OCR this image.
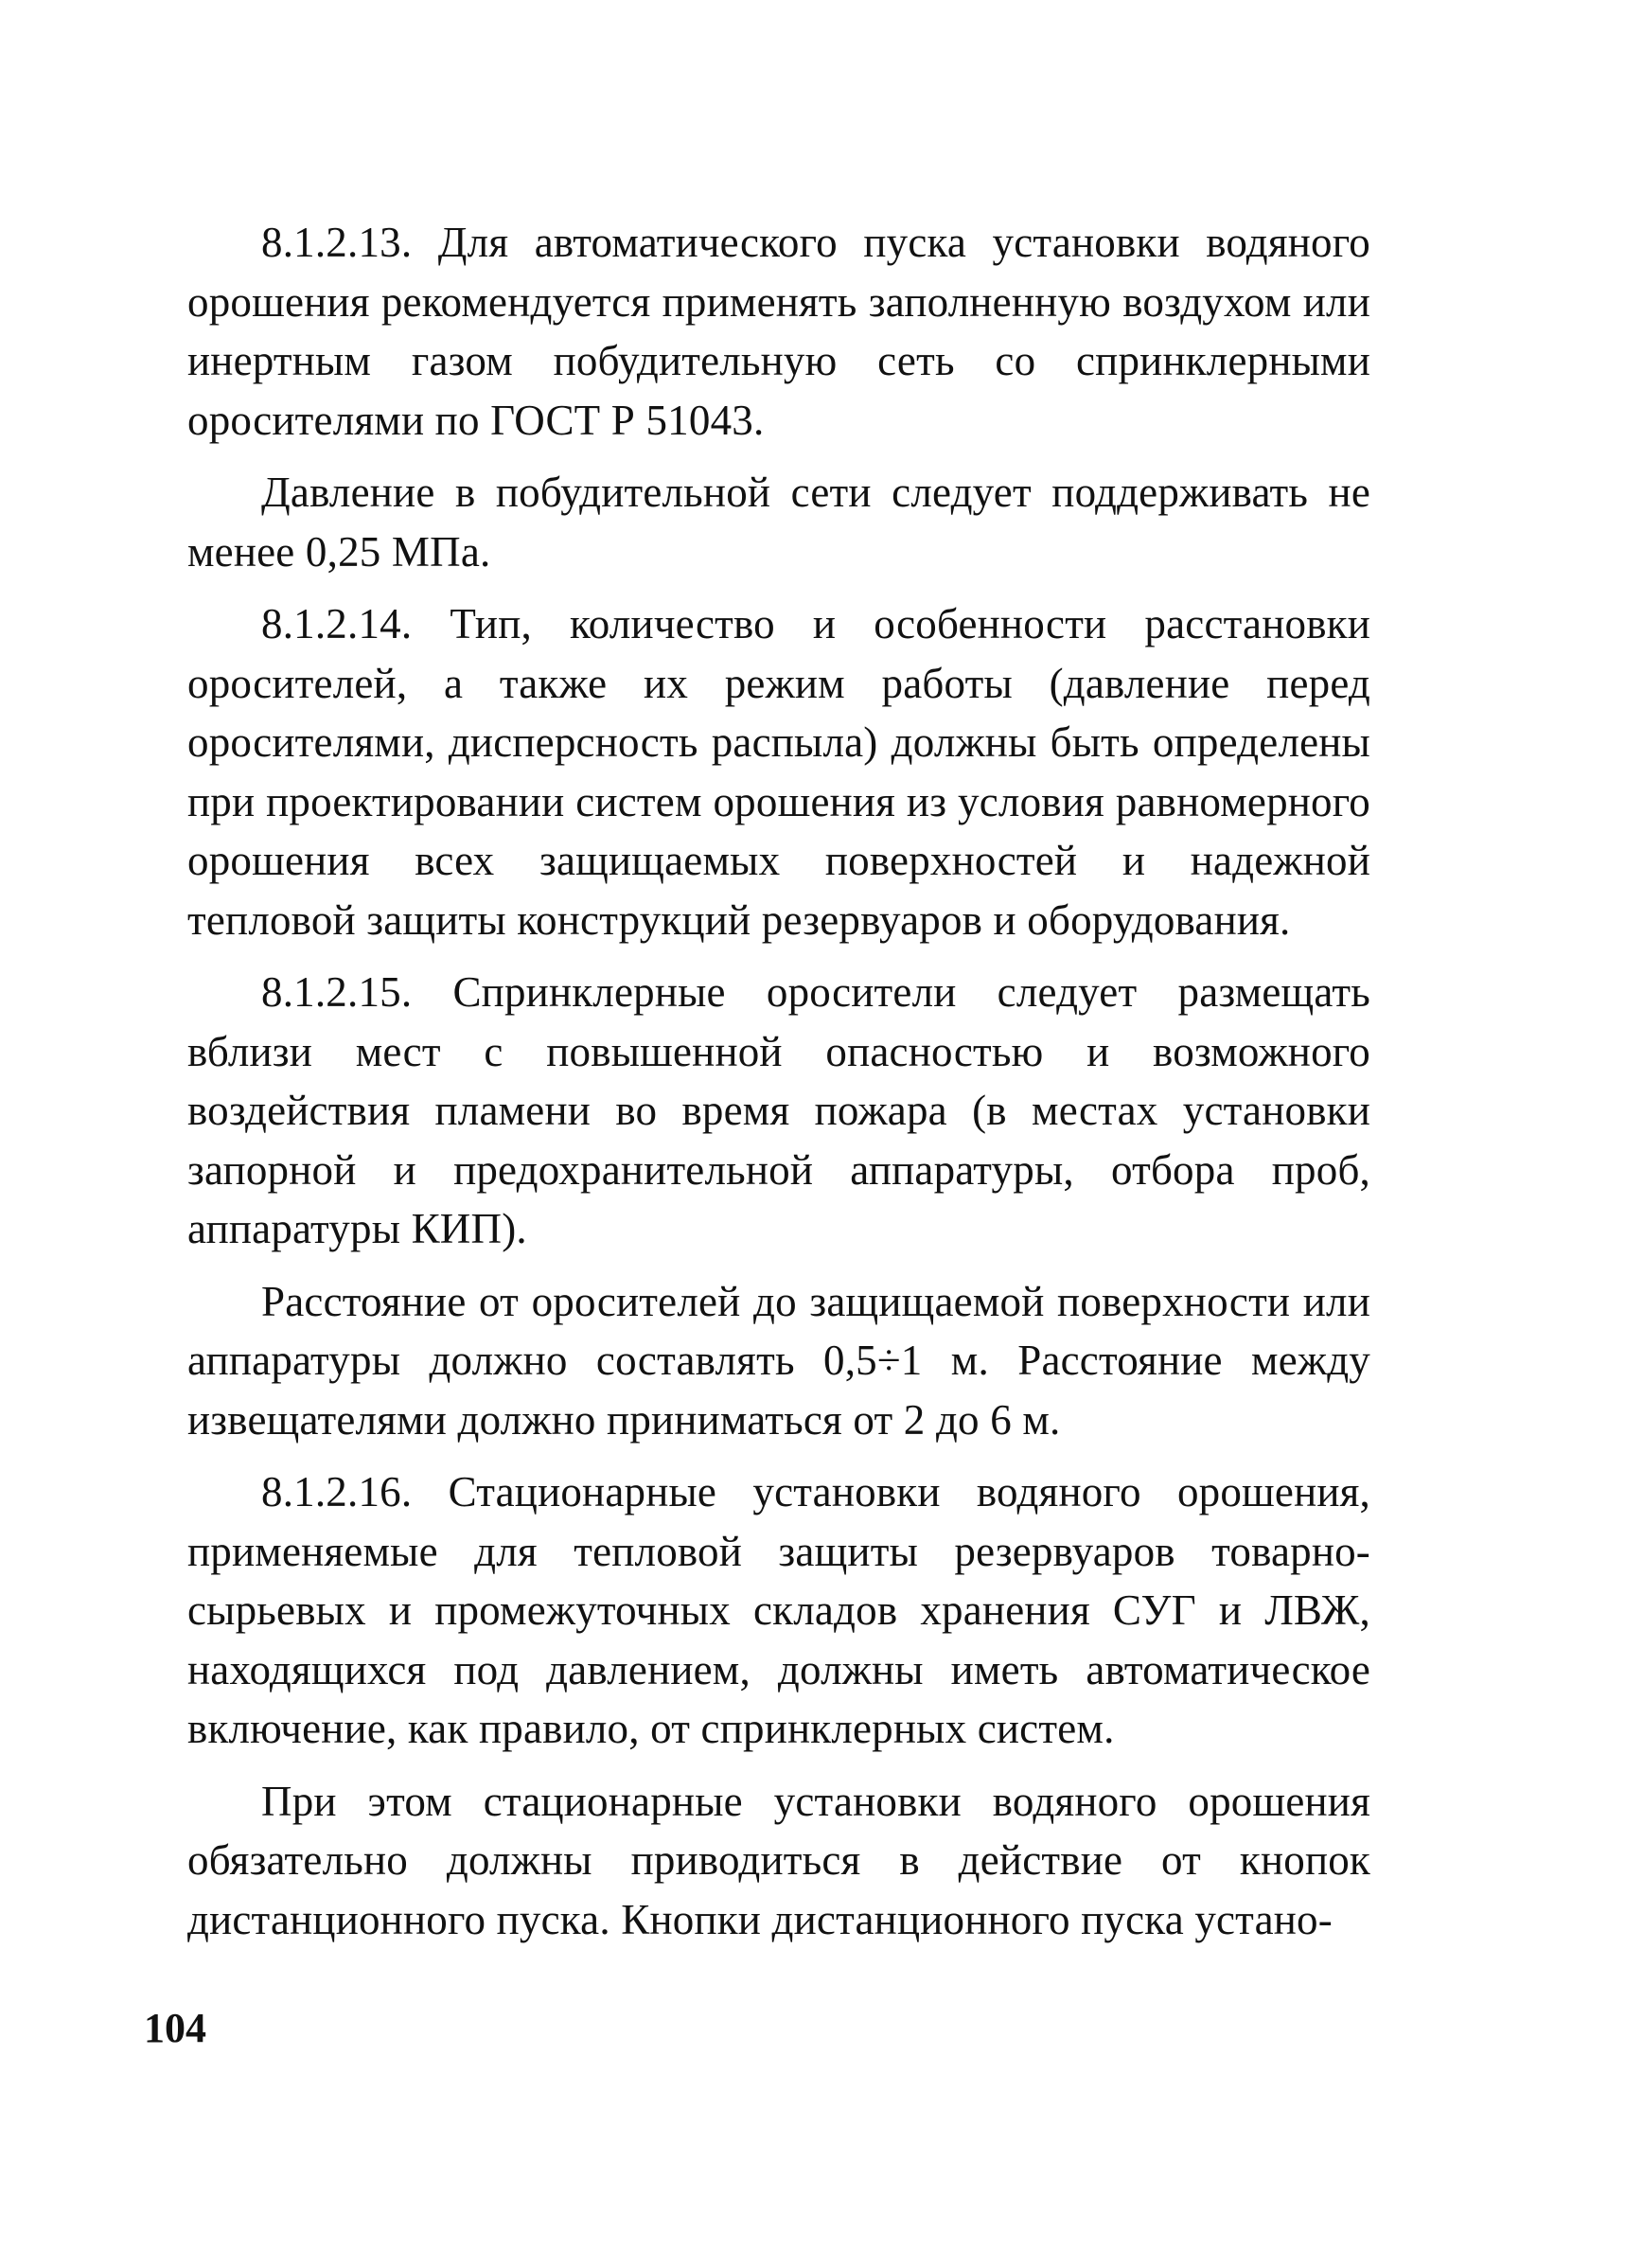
8.1.2.13. Для автоматического пуска установки водяного орошения рекомендуется применять заполненную воздухом или инертным газом побудительную сеть со спринклерными оросителями по ГОСТ Р 51043.

Давление в побудительной сети следует поддерживать не менее 0,25 МПа.

8.1.2.14. Тип, количество и особенности расстановки оросителей, а также их режим работы (давление перед оросителями, дисперсность распыла) должны быть определены при проектировании систем орошения из условия равномерного орошения всех защищаемых поверхностей и надежной тепловой защиты конструкций резервуаров и оборудования.

8.1.2.15. Спринклерные оросители следует размещать вблизи мест с повышенной опасностью и возможного воздействия пламени во время пожара (в местах установки запорной и предохранительной аппаратуры, отбора проб, аппаратуры КИП).

Расстояние от оросителей до защищаемой поверхности или аппаратуры должно составлять 0,5÷1 м. Расстояние между извещателями должно приниматься от 2 до 6 м.

8.1.2.16. Стационарные установки водяного орошения, применяемые для тепловой защиты резервуаров товарно-сырьевых и промежуточных складов хранения СУГ и ЛВЖ, находящихся под давлением, должны иметь автоматическое включение, как правило, от спринклерных систем.

При этом стационарные установки водяного орошения обязательно должны приводиться в действие от кнопок дистанционного пуска. Кнопки дистанционного пуска устано-

104
